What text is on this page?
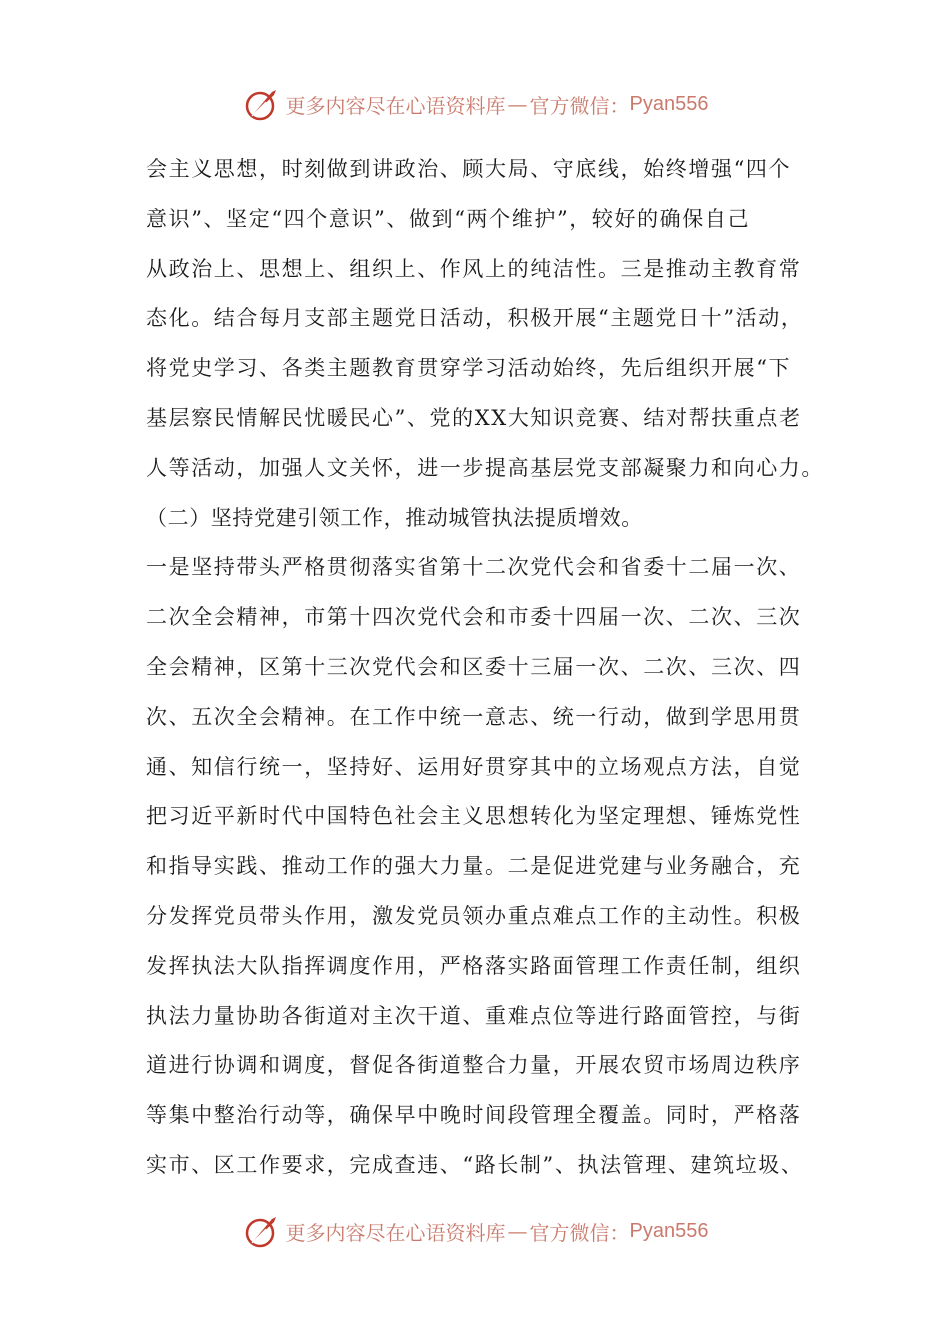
更多内容尽在心语资料库 — 官方微信： Pyan556
会主义思想，时刻做到讲政治、顾大局、守底线，始终增强“四个
意识”、坚定“四个意识”、做到“两个维护”，较好的确保自己
从政治上、思想上、组织上、作风上的纯洁性。三是推动主教育常
态化。结合每月支部主题党日活动，积极开展“主题党日十”活动，
将党史学习、各类主题教育贯穿学习活动始终，先后组织开展“下
基层察民情解民忧暖民心”、党的XX大知识竞赛、结对帮扶重点老
人等活动，加强人文关怀，进一步提高基层党支部凝聚力和向心力。
（二）坚持党建引领工作，推动城管执法提质增效。
一是坚持带头严格贯彻落实省第十二次党代会和省委十二届一次、
二次全会精神，市第十四次党代会和市委十四届一次、二次、三次
全会精神，区第十三次党代会和区委十三届一次、二次、三次、四
次、五次全会精神。在工作中统一意志、统一行动，做到学思用贯
通、知信行统一，坚持好、运用好贯穿其中的立场观点方法，自觉
把习近平新时代中国特色社会主义思想转化为坚定理想、锤炼党性
和指导实践、推动工作的强大力量。二是促进党建与业务融合，充
分发挥党员带头作用，激发党员领办重点难点工作的主动性。积极
发挥执法大队指挥调度作用，严格落实路面管理工作责任制，组织
执法力量协助各街道对主次干道、重难点位等进行路面管控，与街
道进行协调和调度，督促各街道整合力量，开展农贸市场周边秩序
等集中整治行动等，确保早中晚时间段管理全覆盖。同时，严格落
实市、区工作要求，完成查违、“路长制”、执法管理、建筑垃圾、
更多内容尽在心语资料库 — 官方微信： Pyan556
